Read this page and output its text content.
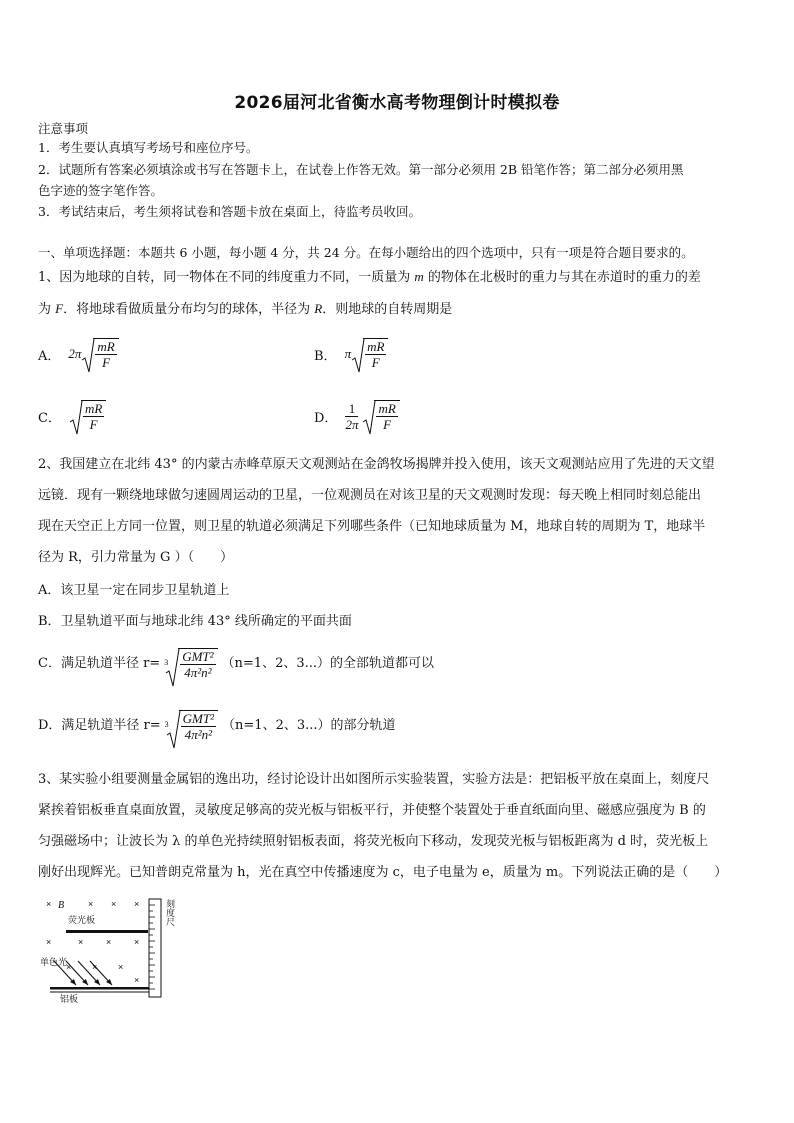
2026届河北省衡水高考物理倒计时模拟卷
注意事项
1．考生要认真填写考场号和座位序号。
2．试题所有答案必须填涂或书写在答题卡上，在试卷上作答无效。第一部分必须用 2B 铅笔作答；第二部分必须用黑
色字迹的签字笔作答。
3．考试结束后，考生须将试卷和答题卡放在桌面上，待监考员收回。
一、单项选择题：本题共 6 小题，每小题 4 分，共 24 分。在每小题给出的四个选项中，只有一项是符合题目要求的。
1、因为地球的自转，同一物体在不同的纬度重力不同，一质量为 m 的物体在北极时的重力与其在赤道时的重力的差
为 F．将地球看做质量分布均匀的球体，半径为 R．则地球的自转周期是
A． $2\pi \frac{mR}{F}$	B． π $\frac{mR}{F}$
C． $\frac{mR}{F}$	D． $\frac{1}{2\pi} \frac{mR}{F}$
2、我国建立在北纬 43° 的内蒙古赤峰草原天文观测站在金鸽牧场揭牌并投入使用，该天文观测站应用了先进的天文望
远镜．现有一颗绕地球做匀速圆周运动的卫星，一位观测员在对该卫星的天文观测时发现：每天晚上相同时刻总能出
现在天空正上方同一位置，则卫星的轨道必须满足下列哪些条件（已知地球质量为 M，地球自转的周期为 T，地球半
径为 R，引力常量为 G ）（　　）
A．该卫星一定在同步卫星轨道上
B．卫星轨道平面与地球北纬 43° 线所确定的平面共面
C．满足轨道半径 $r= 3 \frac{\text{GMT²}}{\text{4π²n²}} (n=1$、2、3...）的全部轨道都可以
D．满足轨道半径 $r= 3 \frac{\text{GMT²}}{\text{4π²n²}} (n=1$、2、3...）的部分轨道
3、某实验小组要测量金属铝的逸出功，经讨论设计出如图所示实验装置，实验方法是：把铝板平放在桌面上，刻度尺
紧挨着铝板垂直桌面放置，灵敏度足够高的荧光板与铝板平行，并使整个装置处于垂直纸面向里、磁感应强度为 B 的
匀强磁场中；让波长为 λ 的单色光持续照射铝板表面，将荧光板向下移动，发现荧光板与铝板距离为 d 时，荧光板上
刚好出现辉光。已知普朗克常量为 h，光在真空中传播速度为 c，电子电量为 e，质量为 m。下列说法正确的是（　　）
×	× × ×
×	×	×	×
× × ×
×
B
荧光板
单色光
铝板
刻度尺
